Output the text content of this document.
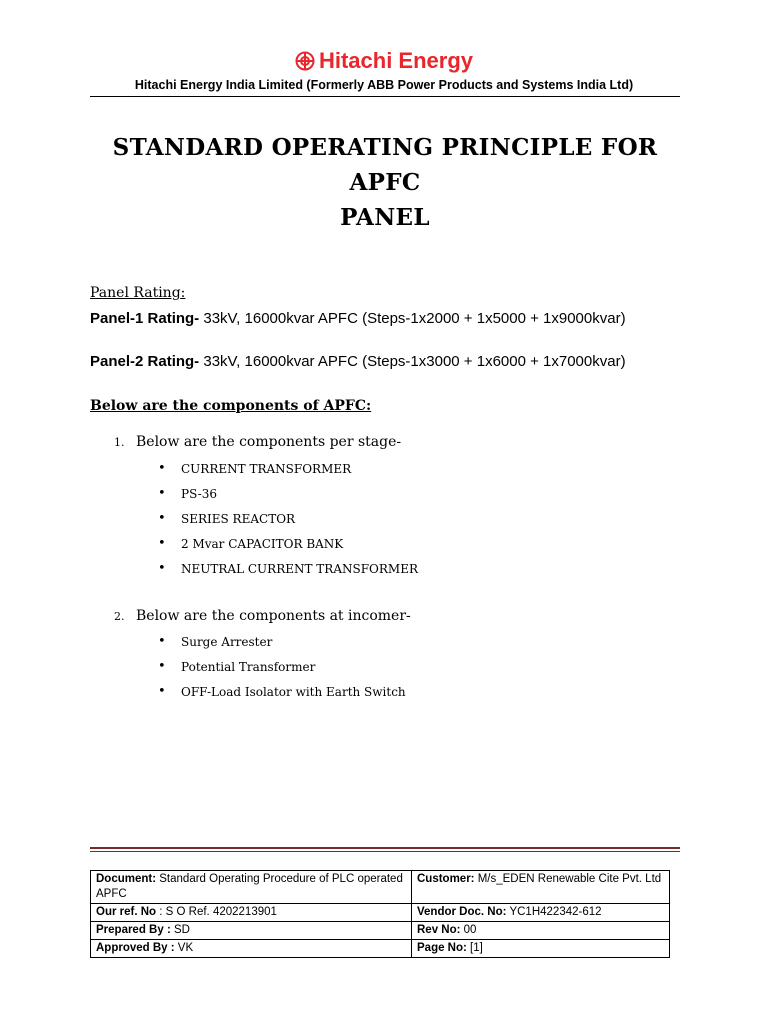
Hitachi Energy
Hitachi Energy India Limited (Formerly ABB Power Products and Systems India Ltd)
STANDARD OPERATING PRINCIPLE FOR APFC
PANEL
Panel Rating:
Panel-1 Rating- 33kV, 16000kvar APFC (Steps-1x2000 + 1x5000 + 1x9000kvar)
Panel-2 Rating- 33kV, 16000kvar APFC (Steps-1x3000 + 1x6000 + 1x7000kvar)
Below are the components of APFC:
1. Below are the components per stage-
• CURRENT TRANSFORMER
• PS-36
• SERIES REACTOR
• 2 Mvar CAPACITOR BANK
• NEUTRAL CURRENT TRANSFORMER
2. Below are the components at incomer-
• Surge Arrester
• Potential Transformer
• OFF-Load Isolator with Earth Switch
Document: Standard Operating Procedure of PLC operated APFC	Customer: M/s_EDEN Renewable Cite Pvt. Ltd
Our ref. No : S O Ref. 4202213901	Vendor Doc. No: YC1H422342-612
Prepared By : SD	Rev No: 00
Approved By : VK	Page No: [1]
